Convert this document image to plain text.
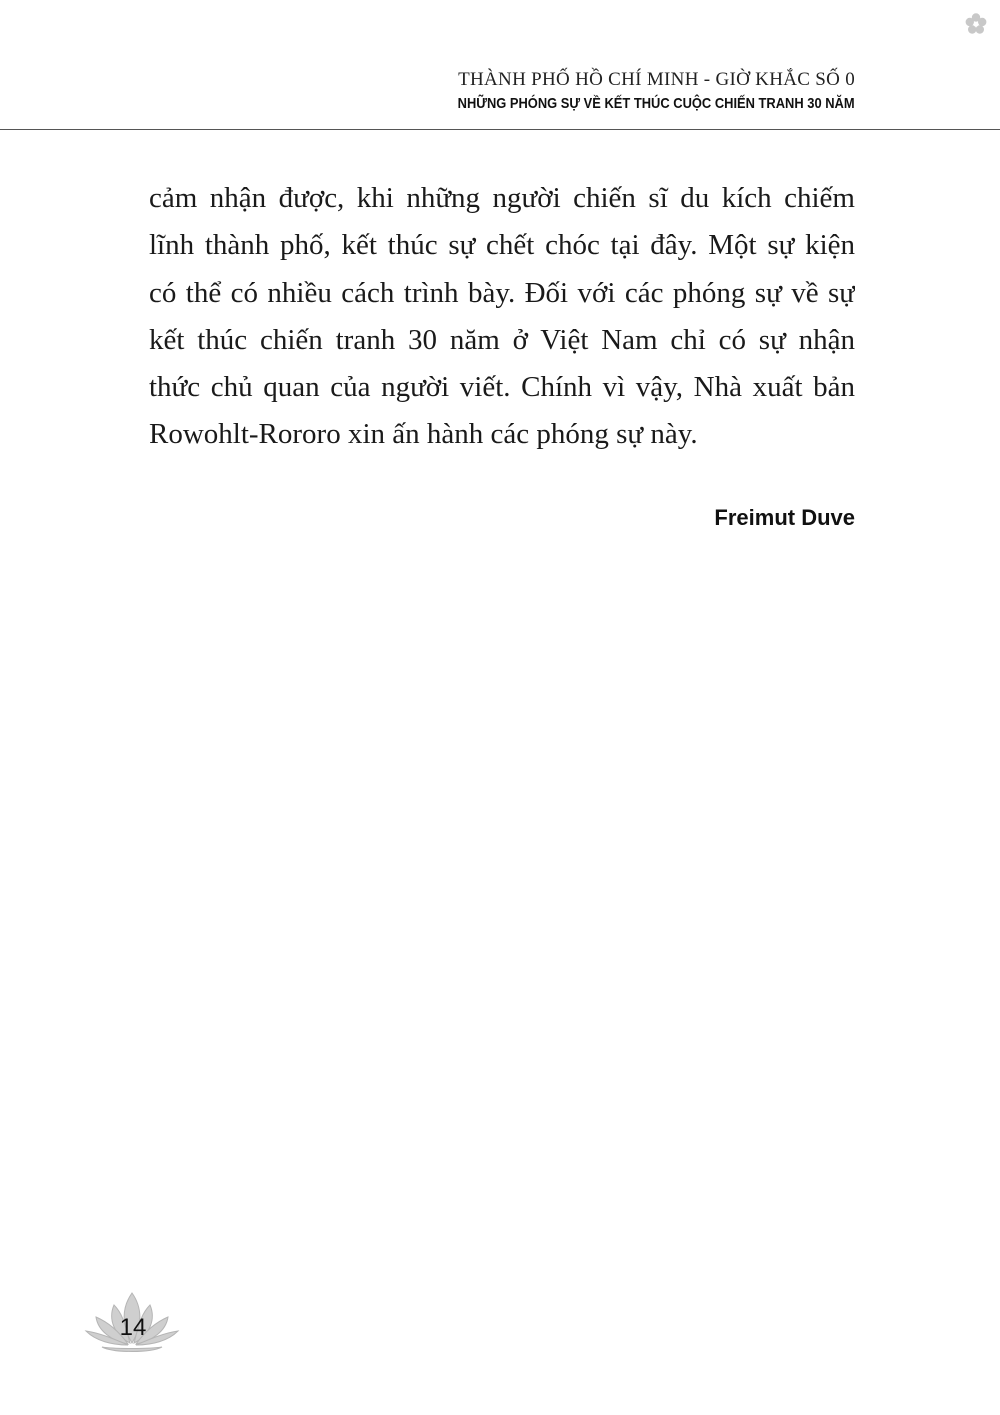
THÀNH PHỐ HỒ CHÍ MINH - GIỜ KHẮC SỐ 0
NHỮNG PHÓNG SỰ VỀ KẾT THÚC CUỘC CHIẾN TRANH 30 NĂM
cảm nhận được, khi những người chiến sĩ du kích chiếm
lĩnh thành phố, kết thúc sự chết chóc tại đây. Một sự kiện
có thể có nhiều cách trình bày. Đối với các phóng sự về sự
kết thúc chiến tranh 30 năm ở Việt Nam chỉ có sự nhận
thức chủ quan của người viết. Chính vì vậy, Nhà xuất bản
Rowohlt-Rororo xin ấn hành các phóng sự này.
Freimut Duve
14
